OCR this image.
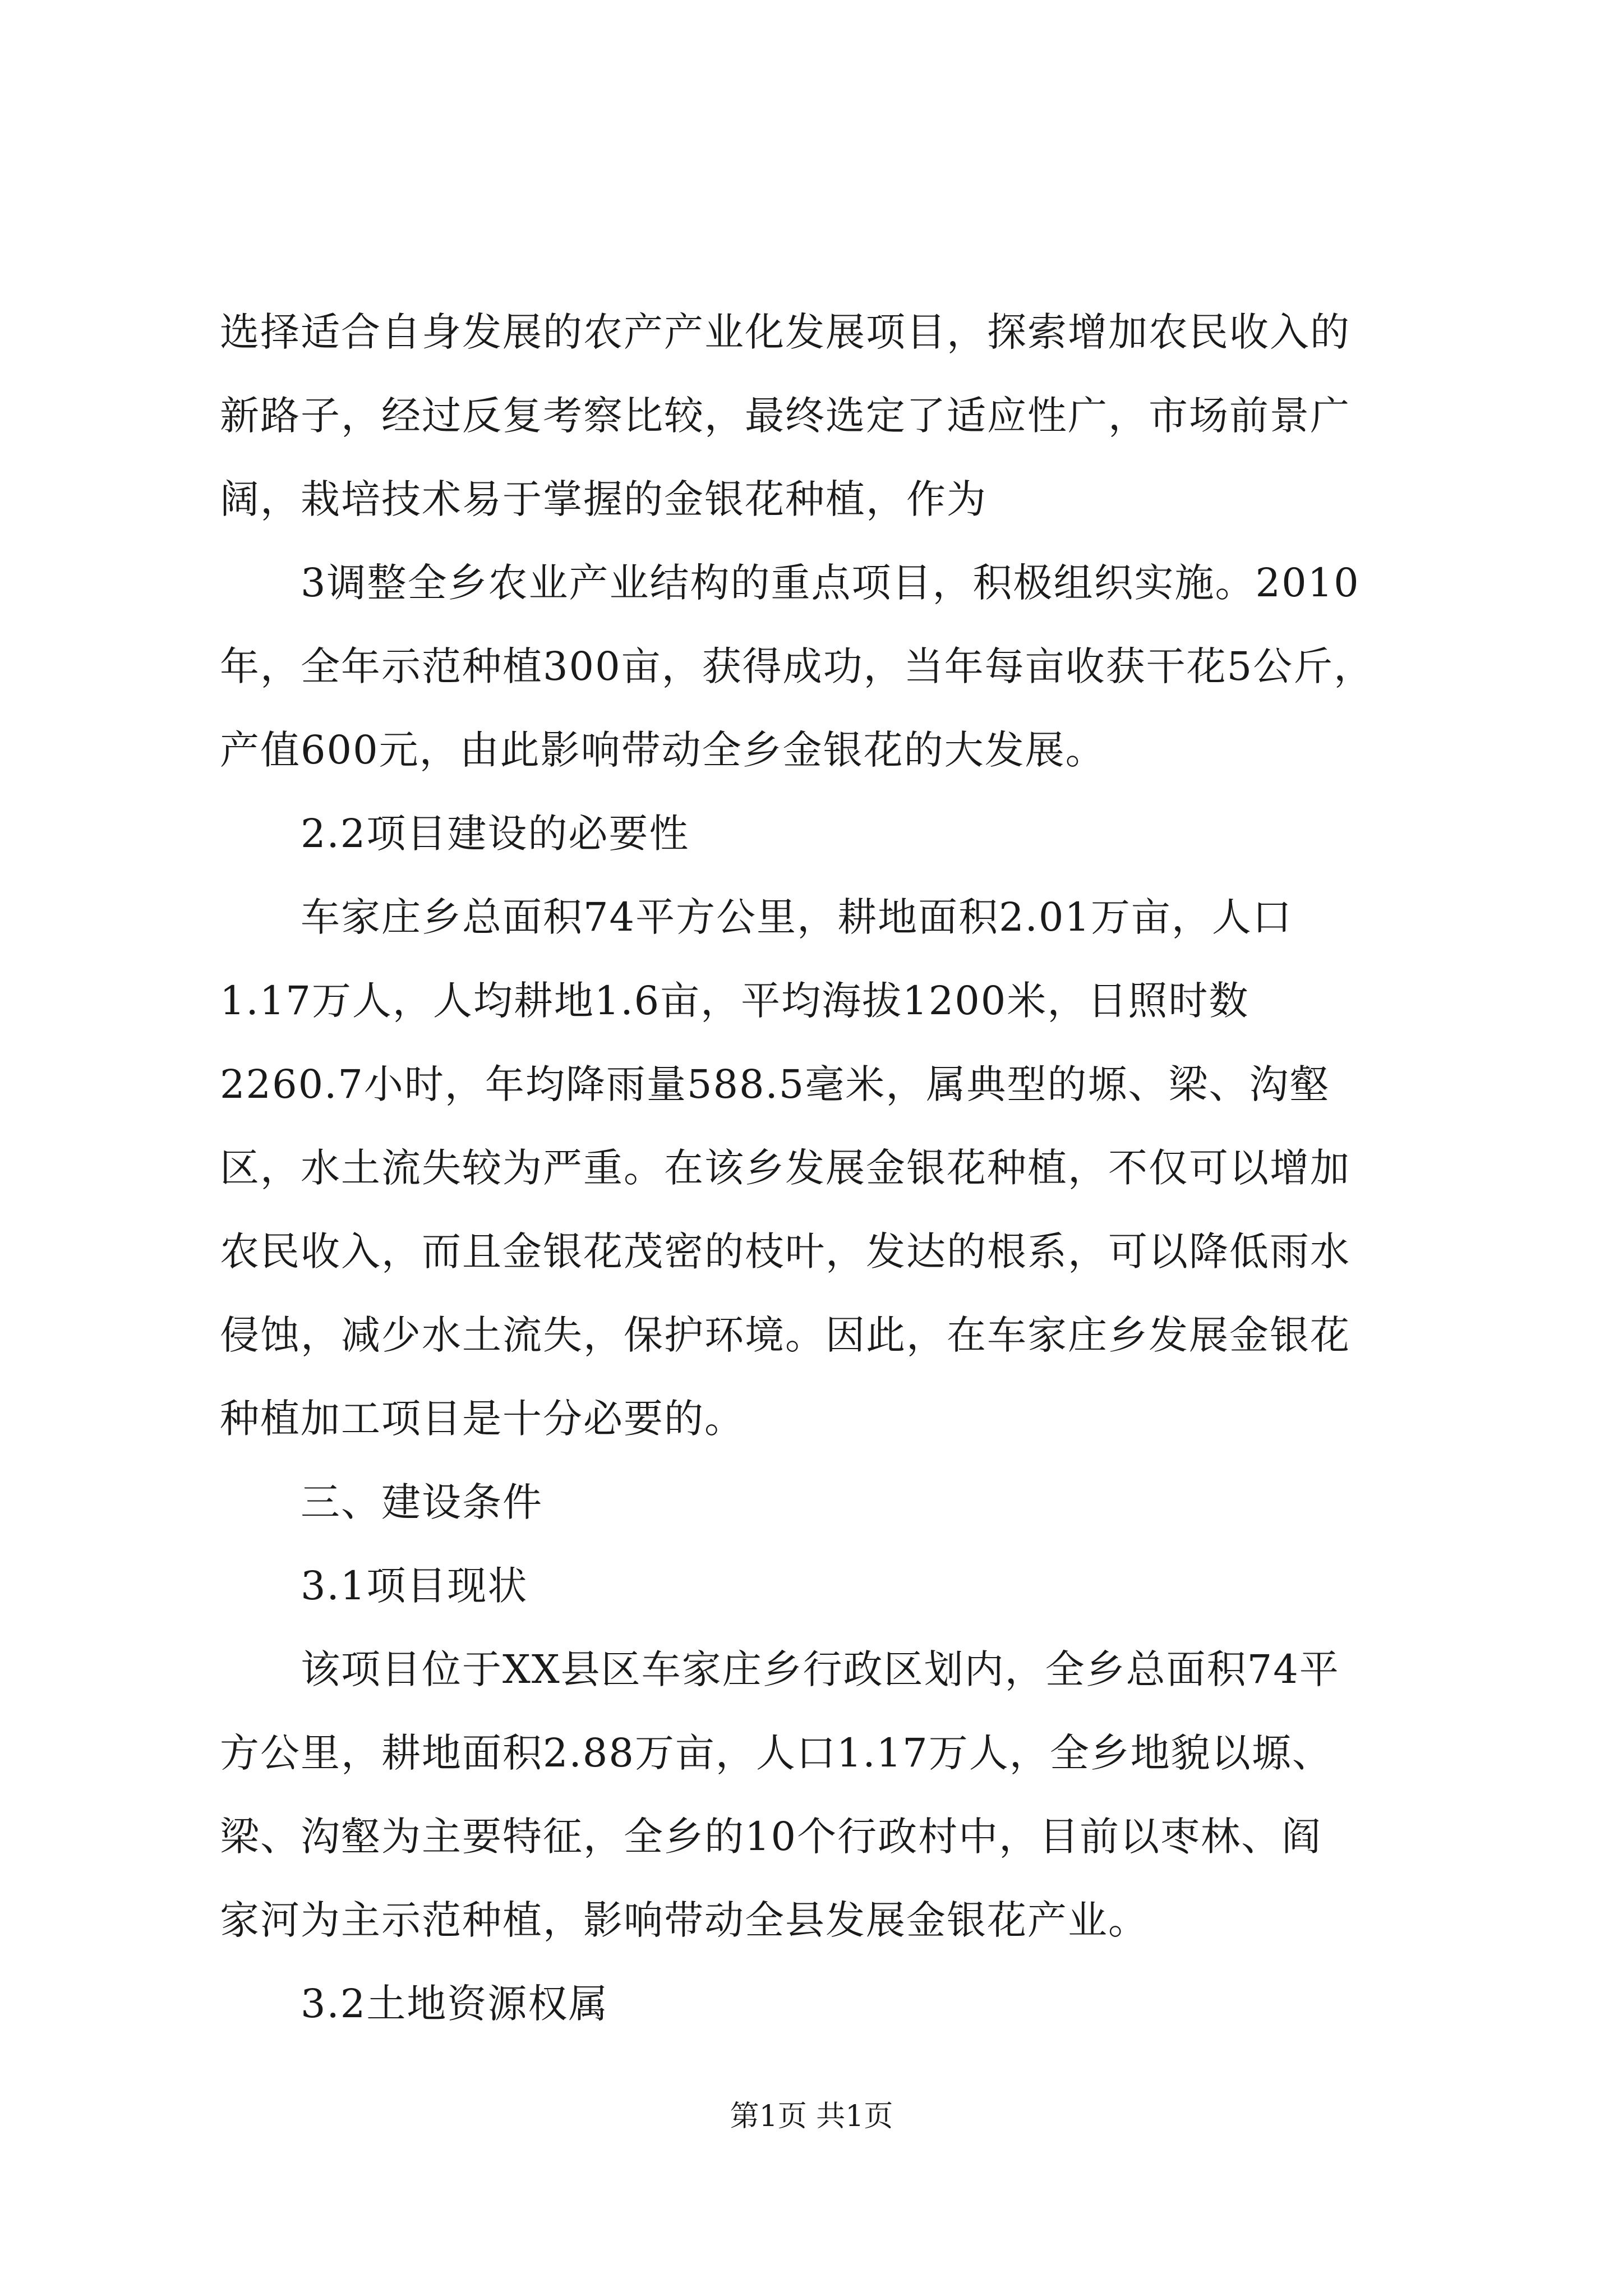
选择适合自身发展的农产产业化发展项目，探索增加农民收入的
新路子，经过反复考察比较，最终选定了适应性广，市场前景广
阔，栽培技术易于掌握的金银花种植，作为
3调整全乡农业产业结构的重点项目，积极组织实施。2010
年，全年示范种植300亩，获得成功，当年每亩收获干花5公斤，
产值600元，由此影响带动全乡金银花的大发展。
2.2项目建设的必要性
车家庄乡总面积74平方公里，耕地面积2.01万亩，人口
1.17万人，人均耕地1.6亩，平均海拔1200米，日照时数
2260.7小时，年均降雨量588.5毫米，属典型的塬、梁、沟壑
区，水土流失较为严重。在该乡发展金银花种植，不仅可以增加
农民收入，而且金银花茂密的枝叶，发达的根系，可以降低雨水
侵蚀，减少水土流失，保护环境。因此，在车家庄乡发展金银花
种植加工项目是十分必要的。
三、建设条件
3.1项目现状
该项目位于XX县区车家庄乡行政区划内，全乡总面积74平
方公里，耕地面积2.88万亩，人口1.17万人，全乡地貌以塬、
梁、沟壑为主要特征，全乡的10个行政村中，目前以枣林、阎
家河为主示范种植，影响带动全县发展金银花产业。
3.2土地资源权属
第1页 共1页
